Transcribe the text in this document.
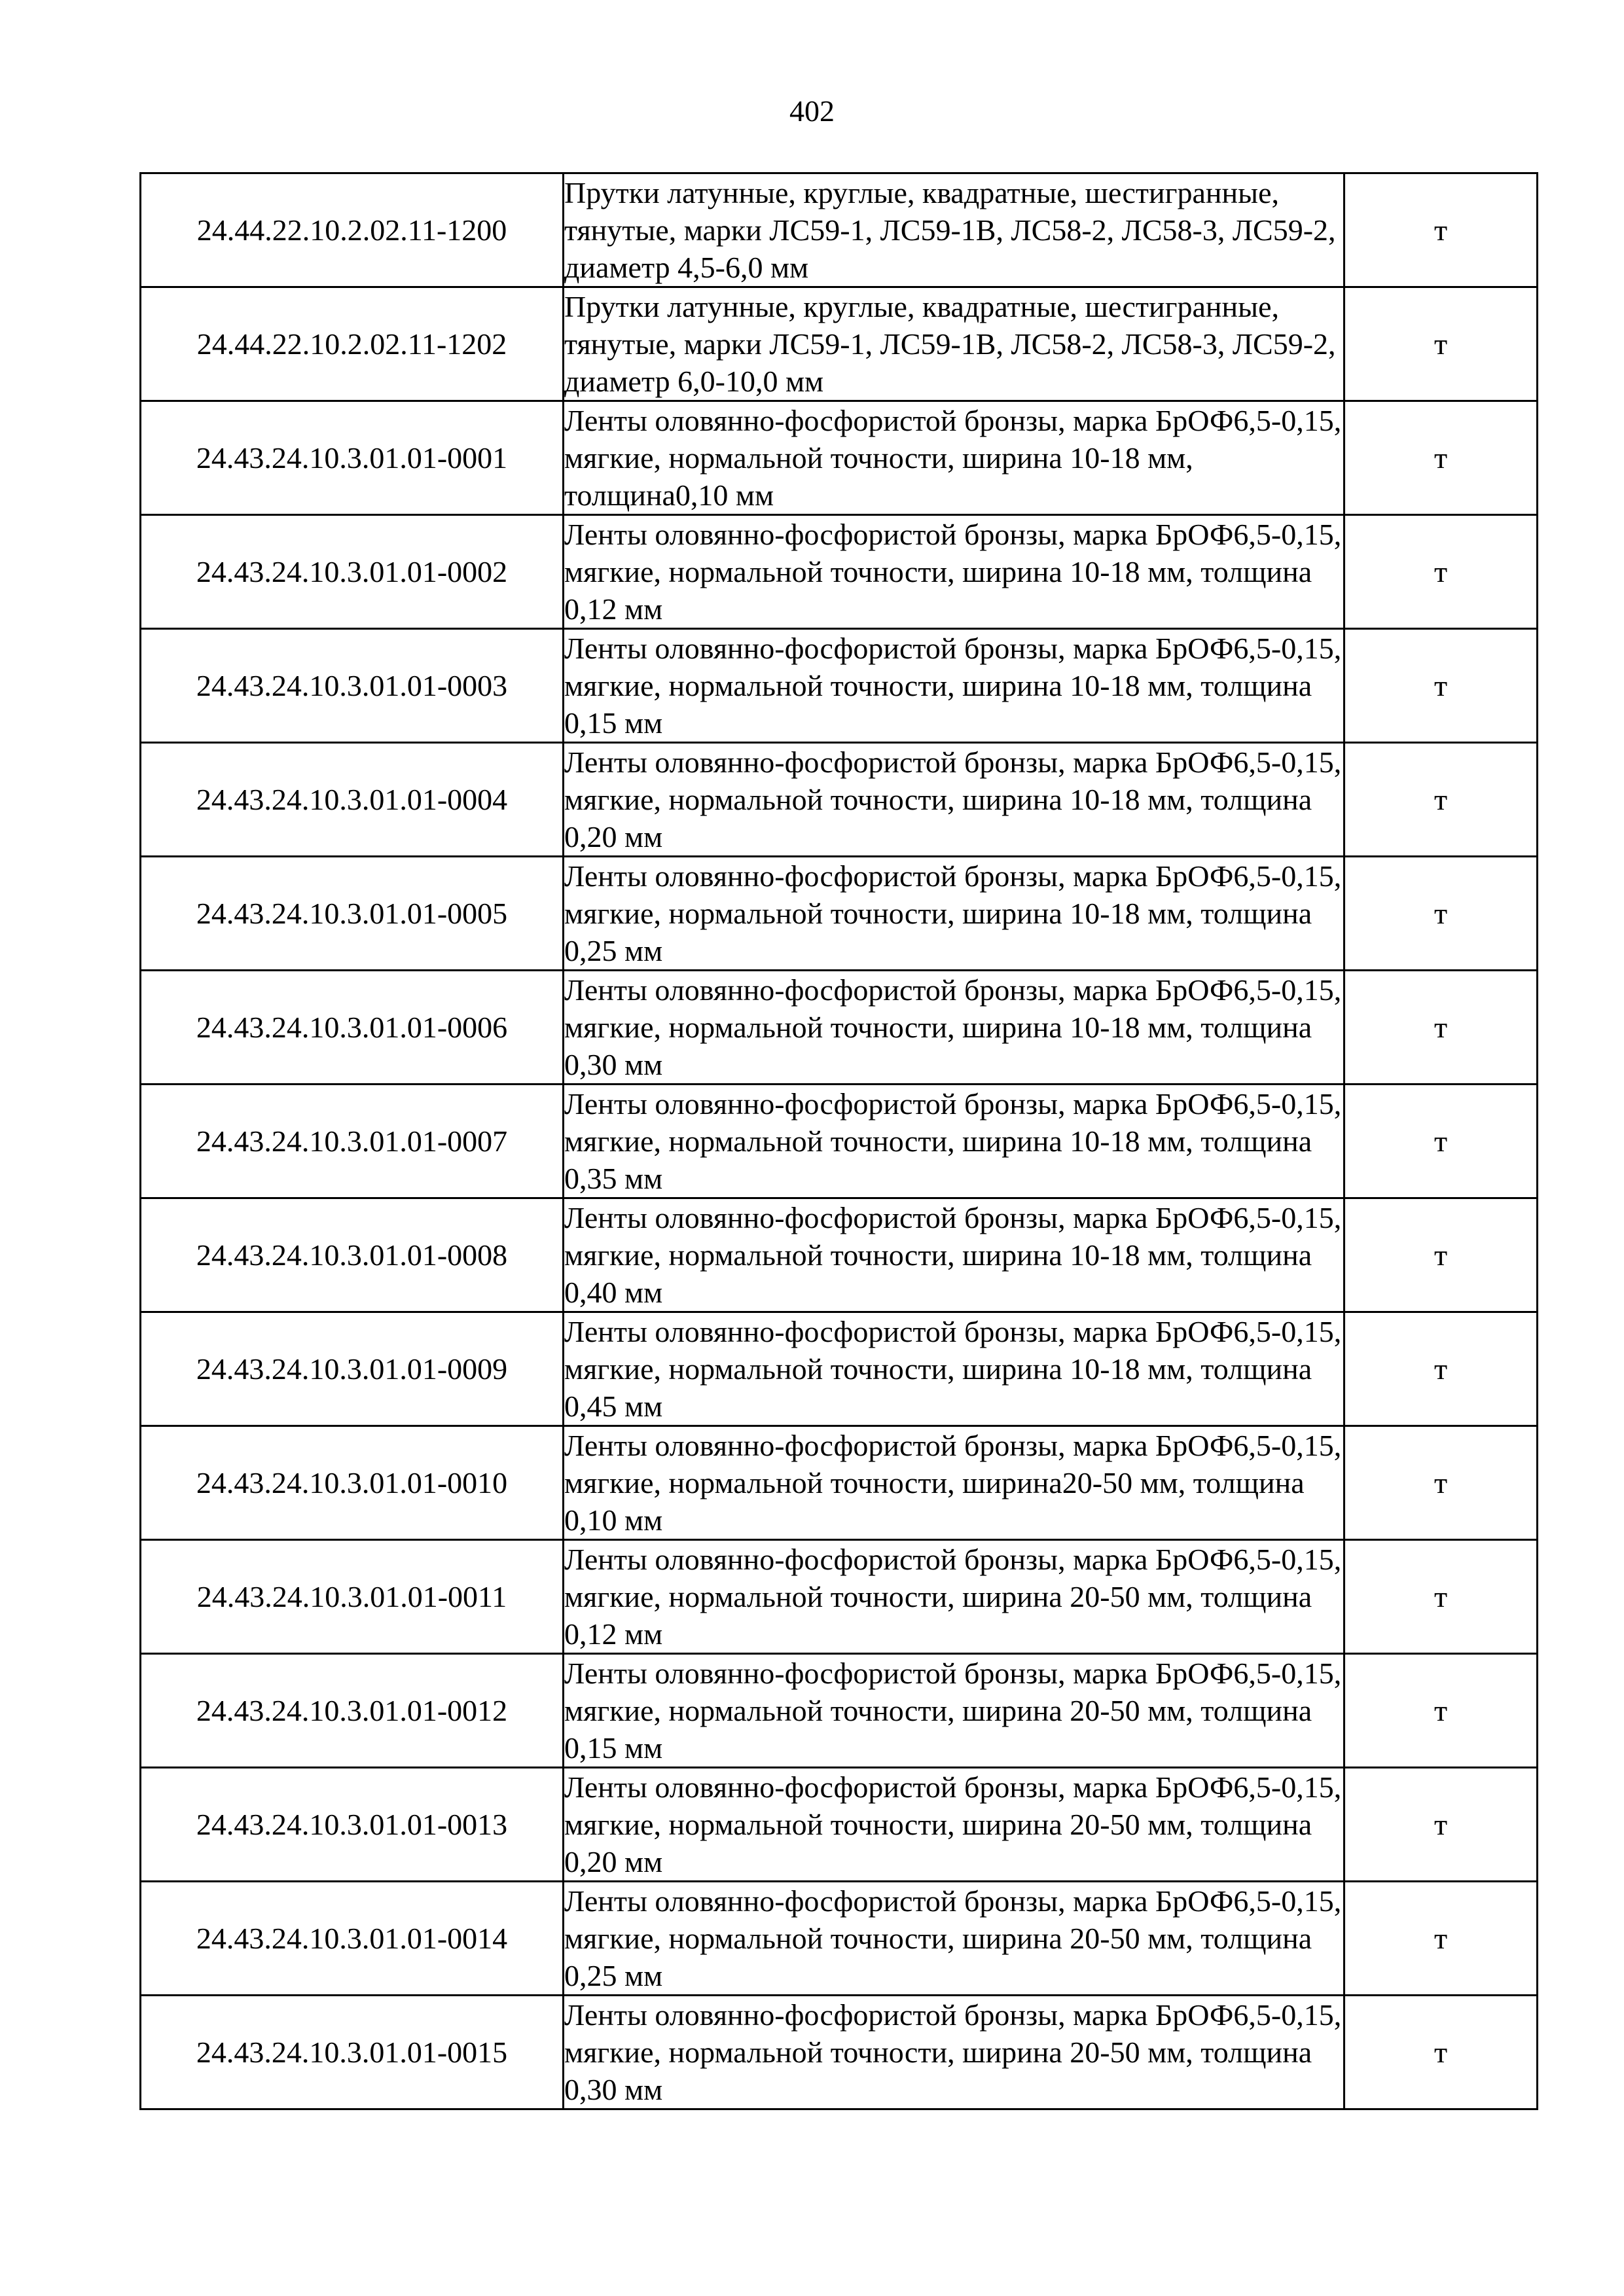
402
24.44.22.10.2.02.11-1200	Прутки латунные, круглые, квадратные, шестигранные, тянутые, марки ЛС59-1, ЛС59-1В, ЛС58-2, ЛС58-3, ЛС59-2, диаметр 4,5-6,0 мм	т
24.44.22.10.2.02.11-1202	Прутки латунные, круглые, квадратные, шестигранные, тянутые, марки ЛС59-1, ЛС59-1В, ЛС58-2, ЛС58-3, ЛС59-2, диаметр 6,0-10,0 мм	т
24.43.24.10.3.01.01-0001	Ленты оловянно-фосфористой бронзы, марка БрОФ6,5-0,15, мягкие, нормальной точности, ширина 10-18 мм, толщина0,10 мм	т
24.43.24.10.3.01.01-0002	Ленты оловянно-фосфористой бронзы, марка БрОФ6,5-0,15, мягкие, нормальной точности, ширина 10-18 мм, толщина 0,12 мм	т
24.43.24.10.3.01.01-0003	Ленты оловянно-фосфористой бронзы, марка БрОФ6,5-0,15, мягкие, нормальной точности, ширина 10-18 мм, толщина 0,15 мм	т
24.43.24.10.3.01.01-0004	Ленты оловянно-фосфористой бронзы, марка БрОФ6,5-0,15, мягкие, нормальной точности, ширина 10-18 мм, толщина 0,20 мм	т
24.43.24.10.3.01.01-0005	Ленты оловянно-фосфористой бронзы, марка БрОФ6,5-0,15, мягкие, нормальной точности, ширина 10-18 мм, толщина 0,25 мм	т
24.43.24.10.3.01.01-0006	Ленты оловянно-фосфористой бронзы, марка БрОФ6,5-0,15, мягкие, нормальной точности, ширина 10-18 мм, толщина 0,30 мм	т
24.43.24.10.3.01.01-0007	Ленты оловянно-фосфористой бронзы, марка БрОФ6,5-0,15, мягкие, нормальной точности, ширина 10-18 мм, толщина 0,35 мм	т
24.43.24.10.3.01.01-0008	Ленты оловянно-фосфористой бронзы, марка БрОФ6,5-0,15, мягкие, нормальной точности, ширина 10-18 мм, толщина 0,40 мм	т
24.43.24.10.3.01.01-0009	Ленты оловянно-фосфористой бронзы, марка БрОФ6,5-0,15, мягкие, нормальной точности, ширина 10-18 мм, толщина 0,45 мм	т
24.43.24.10.3.01.01-0010	Ленты оловянно-фосфористой бронзы, марка БрОФ6,5-0,15, мягкие, нормальной точности, ширина20-50 мм, толщина 0,10 мм	т
24.43.24.10.3.01.01-0011	Ленты оловянно-фосфористой бронзы, марка БрОФ6,5-0,15, мягкие, нормальной точности, ширина 20-50 мм, толщина 0,12 мм	т
24.43.24.10.3.01.01-0012	Ленты оловянно-фосфористой бронзы, марка БрОФ6,5-0,15, мягкие, нормальной точности, ширина 20-50 мм, толщина 0,15 мм	т
24.43.24.10.3.01.01-0013	Ленты оловянно-фосфористой бронзы, марка БрОФ6,5-0,15, мягкие, нормальной точности, ширина 20-50 мм, толщина 0,20 мм	т
24.43.24.10.3.01.01-0014	Ленты оловянно-фосфористой бронзы, марка БрОФ6,5-0,15, мягкие, нормальной точности, ширина 20-50 мм, толщина 0,25 мм	т
24.43.24.10.3.01.01-0015	Ленты оловянно-фосфористой бронзы, марка БрОФ6,5-0,15, мягкие, нормальной точности, ширина 20-50 мм, толщина 0,30 мм	т
